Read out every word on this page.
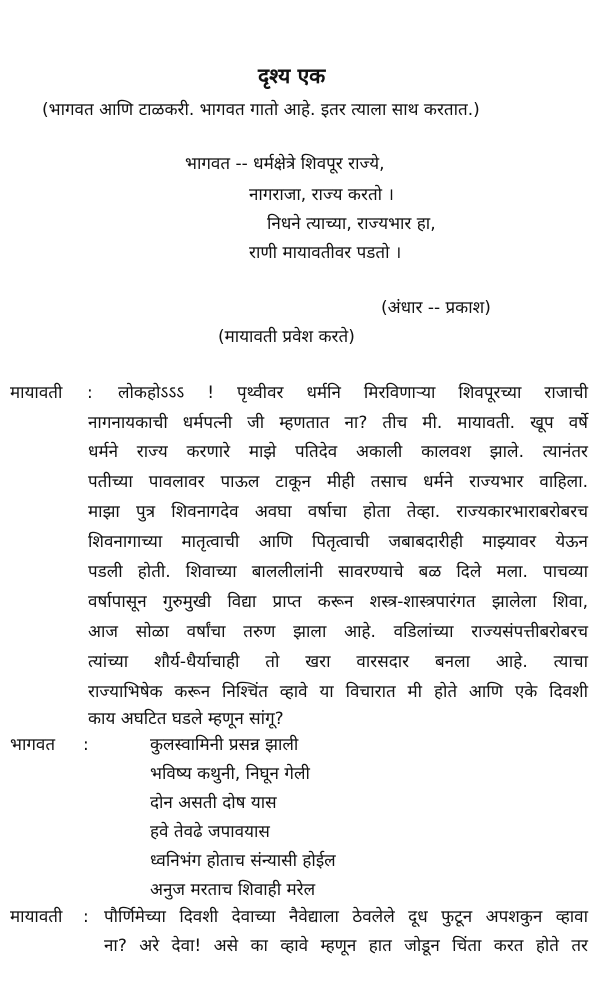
दृश्य एक
(भागवत आणि टाळकरी. भागवत गातो आहे. इतर त्याला साथ करतात.)
भागवत -- धर्मक्षेत्रे शिवपूर राज्ये,
नागराजा, राज्य करतो ।
निधने त्याच्या, राज्यभार हा,
राणी मायावतीवर पडतो ।
(अंधार -- प्रकाश)
(मायावती प्रवेश करते)
मायावती : लोकहोऽऽऽ ! पृथ्वीवर धर्मनि मिरविणाऱ्या शिवपूरच्या राजाची
नागनायकाची धर्मपत्नी जी म्हणतात ना? तीच मी. मायावती. खूप वर्षे
धर्मने राज्य करणारे माझे पतिदेव अकाली कालवश झाले. त्यानंतर
पतीच्या पावलावर पाऊल टाकून मीही तसाच धर्मने राज्यभार वाहिला.
माझा पुत्र शिवनागदेव अवघा वर्षाचा होता तेव्हा. राज्यकारभाराबरोबरच
शिवनागाच्या मातृत्वाची आणि पितृत्वाची जबाबदारीही माझ्यावर येऊन
पडली होती. शिवाच्या बाललीलांनी सावरण्याचे बळ दिले मला. पाचव्या
वर्षापासून गुरुमुखी विद्या प्राप्त करून शस्त्र-शास्त्रपारंगत झालेला शिवा,
आज सोळा वर्षांचा तरुण झाला आहे. वडिलांच्या राज्यसंपत्तीबरोबरच
त्यांच्या शौर्य-धैर्याचाही तो खरा वारसदार बनला आहे. त्याचा
राज्याभिषेक करून निश्चिंत व्हावे या विचारात मी होते आणि एके दिवशी
काय अघटित घडले म्हणून सांगू?
भागवत :	कुलस्वामिनी प्रसन्न झाली
भविष्य कथुनी, निघून गेली
दोन असती दोष यास
हवे तेवढे जपावयास
ध्वनिभंग होताच संन्यासी होईल
अनुज मरताच शिवाही मरेल
मायावती : पौर्णिमेच्या दिवशी देवाच्या नैवेद्याला ठेवलेले दूध फुटून अपशकुन व्हावा
ना? अरे देवा! असे का व्हावे म्हणून हात जोडून चिंता करत होते तर
